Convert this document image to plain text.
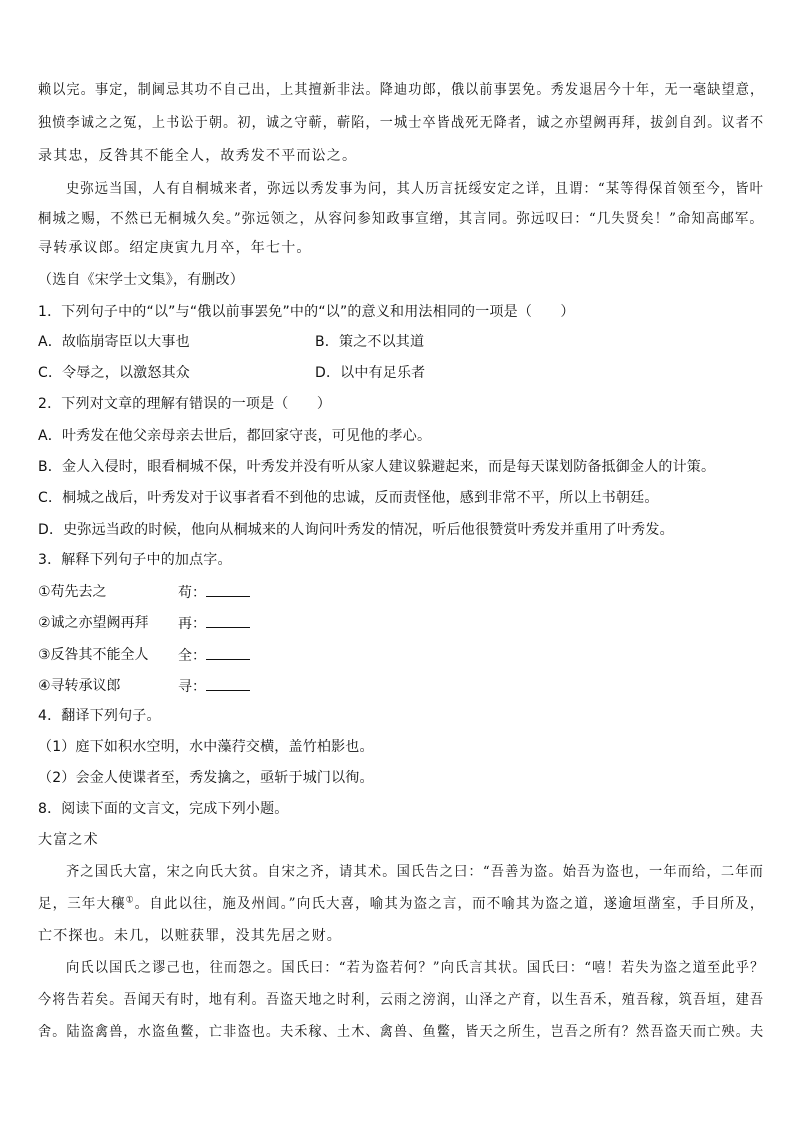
赖以完。事定，制阃忌其功不自己出，上其擅新非法。降迪功郎，俄以前事罢免。秀发退居今十年，无一毫缺望意，
独愤李诚之之冤，上书讼于朝。初，诚之守蕲，蕲陷，一城士卒皆战死无降者，诚之亦望阙再拜，拔剑自刭。议者不
录其忠，反咎其不能全人，故秀发不平而讼之。
史弥远当国，人有自桐城来者，弥远以秀发事为问，其人历言抚绥安定之详，且谓：“某等得保首领至今，皆叶
桐城之赐，不然已无桐城久矣。”弥远领之，从容问参知政事宣缯，其言同。弥远叹曰：“几失贤矣！”命知高邮军。
寻转承议郎。绍定庚寅九月卒，年七十。
（选自《宋学士文集》，有删改）
1．下列句子中的“以”与“俄以前事罢免”中的“以”的意义和用法相同的一项是（　　）
A．故临崩寄臣以大事也	B．策之不以其道
C．令辱之，以激怒其众	D．以中有足乐者
2．下列对文章的理解有错误的一项是（　　）
A．叶秀发在他父亲母亲去世后，都回家守丧，可见他的孝心。
B．金人入侵时，眼看桐城不保，叶秀发并没有听从家人建议躲避起来，而是每天谋划防备抵御金人的计策。
C．桐城之战后，叶秀发对于议事者看不到他的忠诚，反而责怪他，感到非常不平，所以上书朝廷。
D．史弥远当政的时候，他向从桐城来的人询问叶秀发的情况，听后他很赞赏叶秀发并重用了叶秀发。
3．解释下列句子中的加点字。
①苟先去之	苟：
②诚之亦望阙再拜 再：
③反咎其不能全人 全：
④寻转承议郎	寻：
4．翻译下列句子。
（1）庭下如积水空明，水中藻荇交横，盖竹柏影也。
（2）会金人使谍者至，秀发擒之，亟斩于城门以徇。
8．阅读下面的文言文，完成下列小题。
大富之术
齐之国氏大富，宋之向氏大贫。自宋之齐，请其术。国氏告之曰：“吾善为盗。始吾为盗也，一年而给，二年而
足，三年大穰①。自此以往，施及州闾。”向氏大喜，喻其为盗之言，而不喻其为盗之道，遂逾垣凿室，手目所及，
亡不探也。未几，以赃获罪，没其先居之财。
向氏以国氏之谬己也，往而怨之。国氏曰：“若为盗若何？”向氏言其状。国氏曰：“嘻！若失为盗之道至此乎？
今将告若矣。吾闻天有时，地有利。吾盗天地之时利，云雨之滂润，山泽之产育，以生吾禾，殖吾稼，筑吾垣，建吾
舍。陆盗禽兽，水盗鱼鳖，亡非盗也。夫禾稼、土木、禽兽、鱼鳖，皆天之所生，岂吾之所有？然吾盗天而亡殃。夫
